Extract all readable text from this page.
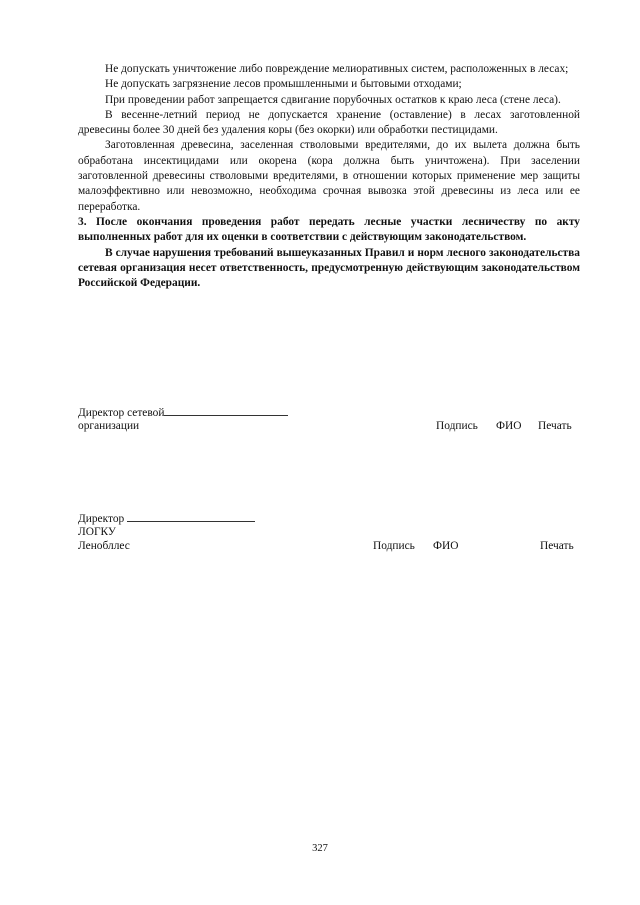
Не допускать уничтожение либо повреждение мелиоративных систем, расположенных в лесах;

Не допускать загрязнение лесов промышленными и бытовыми отходами;

При проведении работ запрещается сдвигание порубочных остатков к краю леса (стене леса).

В весенне-летний период не допускается хранение (оставление) в лесах заготовленной древесины более 30 дней без удаления коры (без окорки) или обработки пестицидами.

Заготовленная древесина, заселенная стволовыми вредителями, до их вылета должна быть обработана инсектицидами или окорена (кора должна быть уничтожена). При заселении заготовленной древесины стволовыми вредителями, в отношении которых применение мер защиты малоэффективно или невозможно, необходима срочная вывозка этой древесины из леса или ее переработка.

3. После окончания проведения работ передать лесные участки лесничеству по акту выполненных работ для их оценки в соответствии с действующим законодательством.

В случае нарушения требований вышеуказанных Правил и норм лесного законодательства сетевая организация несет ответственность, предусмотренную действующим законодательством Российской Федерации.

Директор сетевой
организации	Подпись ФИО Печать
Директор
ЛОГКУ
Ленобллес	Подпись ФИО	Печать
327
